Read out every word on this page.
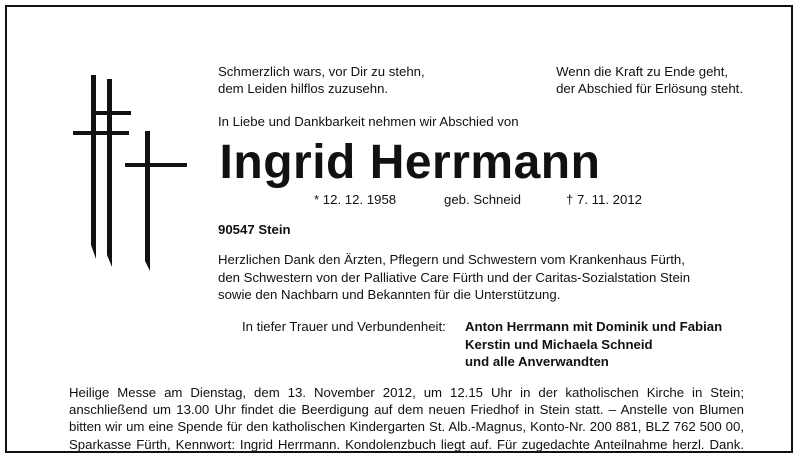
Schmerzlich wars, vor Dir zu stehn,
dem Leiden hilflos zuzusehn.
Wenn die Kraft zu Ende geht,
der Abschied für Erlösung steht.
In Liebe und Dankbarkeit nehmen wir Abschied von
Ingrid Herrmann
* 12. 12. 1958	geb. Schneid	† 7. 11. 2012
90547 Stein
Herzlichen Dank den Ärzten, Pflegern und Schwestern vom Krankenhaus Fürth,
den Schwestern von der Palliative Care Fürth und der Caritas-Sozialstation Stein
sowie den Nachbarn und Bekannten für die Unterstützung.
In tiefer Trauer und Verbundenheit: Anton Herrmann mit Dominik und Fabian
Kerstin und Michaela Schneid
und alle Anverwandten
Heilige Messe am Dienstag, dem 13. November 2012, um 12.15 Uhr in der katholischen Kirche in Stein;
anschließend um 13.00 Uhr findet die Beerdigung auf dem neuen Friedhof in Stein statt. – Anstelle von Blumen
bitten wir um eine Spende für den katholischen Kindergarten St. Alb.-Magnus, Konto-Nr. 200 881, BLZ 762 500 00,
Sparkasse Fürth, Kennwort: Ingrid Herrmann. Kondolenzbuch liegt auf. Für zugedachte Anteilnahme herzl. Dank.
